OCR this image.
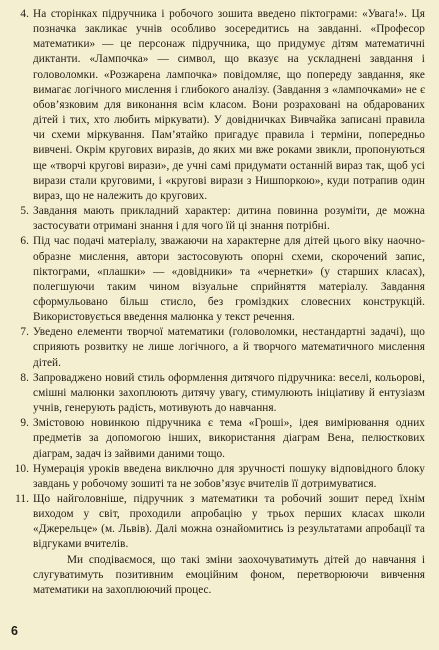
4. На сторінках підручника і робочого зошита введено піктограми: «Увага!». Ця позначка закликає учнів особливо зосередитись на завданні. «Професор математики» — це персонаж підручника, що придумує дітям математичні диктанти. «Лампочка» — символ, що вказує на ускладнені завдання і головоломки. «Розжарена лампочка» повідомляє, що попереду завдання, яке вимагає логічного мислення і глибокого аналізу. (Завдання з «лампочками» не є обов’язковим для виконання всім класом. Вони розраховані на обдарованих дітей і тих, хто любить міркувати). У довідничках Вивчайка записані правила чи схеми міркування. Пам’ятайко пригадує правила і терміни, попередньо вивчені. Окрім кругових виразів, до яких ми вже роками звикли, пропонуються ще «творчі кругові вирази», де учні самі придумати останній вираз так, щоб усі вирази стали круговими, і «кругові вирази з Нишпоркою», куди потрапив один вираз, що не належить до кругових.

5. Завдання мають прикладний характер: дитина повинна розуміти, де можна застосувати отримані знання і для чого їй ці знання потрібні.

6. Під час подачі матеріалу, зважаючи на характерне для дітей цього віку наочно-образне мислення, автори застосовують опорні схеми, скорочений запис, піктограми, «плашки» — «довідники» та «чернетки» (у старших класах), полегшуючи таким чином візуальне сприйняття матеріалу. Завдання сформульовано більш стисло, без громіздких словесних конструкцій. Використовується введення малюнка у текст речення.

7. Уведено елементи творчої математики (головоломки, нестандартні задачі), що сприяють розвитку не лише логічного, а й творчого математичного мислення дітей.

8. Запроваджено новий стиль оформлення дитячого підручника: веселі, кольорові, смішні малюнки захоплюють дитячу увагу, стимулюють ініціативу й ентузіазм учнів, генерують радість, мотивують до навчання.

9. Змістовою новинкою підручника є тема «Гроші», ідея вимірювання одних предметів за допомогою інших, використання діаграм Вена, пелюсткових діаграм, задач із зайвими даними тощо.

10. Нумерація уроків введена виключно для зручності пошуку відповідного блоку завдань у робочому зошиті та не зобов’язує вчителів її дотримуватися.

11. Що найголовніше, підручник з математики та робочий зошит перед їхнім виходом у світ, проходили апробацію у трьох перших класах школи «Джерельце» (м. Львів). Далі можна ознайомитись із результатами апробації та відгуками вчителів.

Ми сподіваємося, що такі зміни заохочуватимуть дітей до навчання і слугуватимуть позитивним емоційним фоном, перетворюючи вивчення математики на захоплюючий процес.

6
